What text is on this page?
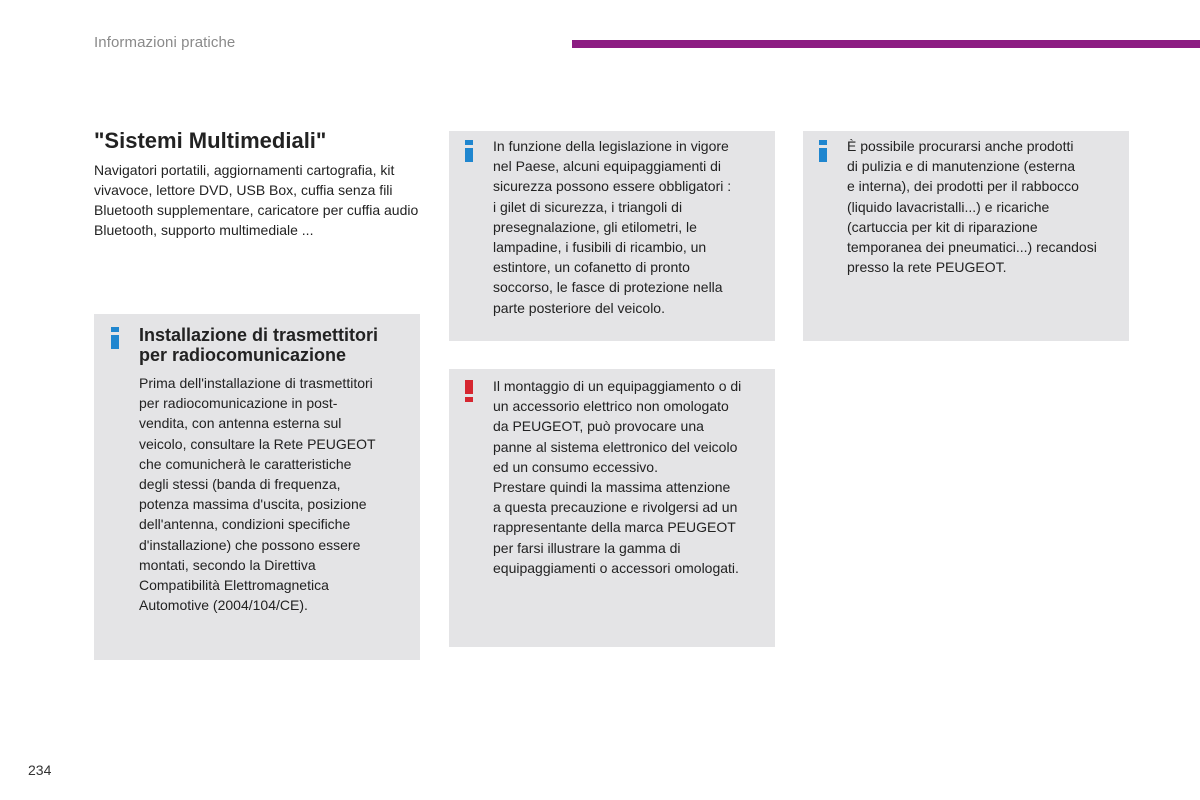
Informazioni pratiche
"Sistemi Multimediali"

Navigatori portatili, aggiornamenti cartografia, kit vivavoce, lettore DVD, USB Box, cuffia senza fili Bluetooth supplementare, caricatore per cuffia audio Bluetooth, supporto multimediale ...

Installazione di trasmettitori
per radiocomunicazione

Prima dell'installazione di trasmettitori
per radiocomunicazione in post-
vendita, con antenna esterna sul
veicolo, consultare la Rete PEUGEOT
che comunicherà le caratteristiche
degli stessi (banda di frequenza,
potenza massima d'uscita, posizione
dell'antenna, condizioni specifiche
d'installazione) che possono essere
montati, secondo la Direttiva
Compatibilità Elettromagnetica
Automotive (2004/104/CE).

In funzione della legislazione in vigore
nel Paese, alcuni equipaggiamenti di
sicurezza possono essere obbligatori :
i gilet di sicurezza, i triangoli di
presegnalazione, gli etilometri, le
lampadine, i fusibili di ricambio, un
estintore, un cofanetto di pronto
soccorso, le fasce di protezione nella
parte posteriore del veicolo.

Il montaggio di un equipaggiamento o di
un accessorio elettrico non omologato
da PEUGEOT, può provocare una
panne al sistema elettronico del veicolo
ed un consumo eccessivo.
Prestare quindi la massima attenzione
a questa precauzione e rivolgersi ad un
rappresentante della marca PEUGEOT
per farsi illustrare la gamma di
equipaggiamenti o accessori omologati.

È possibile procurarsi anche prodotti
di pulizia e di manutenzione (esterna
e interna), dei prodotti per il rabbocco
(liquido lavacristalli...) e ricariche
(cartuccia per kit di riparazione
temporanea dei pneumatici...) recandosi
presso la rete PEUGEOT.

234
